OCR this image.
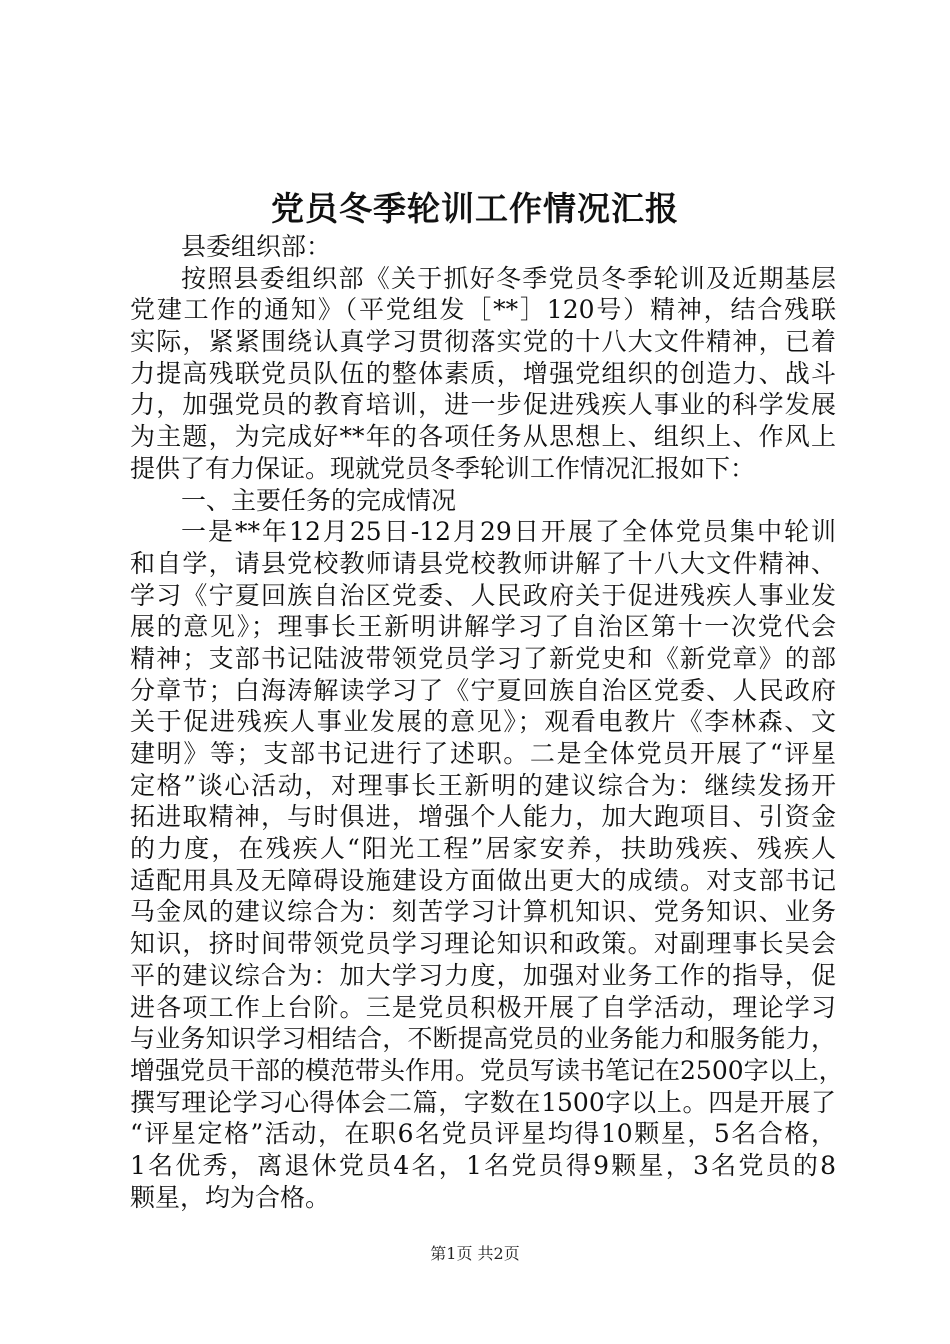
党员冬季轮训工作情况汇报

县委组织部：

按照县委组织部《关于抓好冬季党员冬季轮训及近期基层

党建工作的通知》（平党组发［**］120号）精神，结合残联

实际，紧紧围绕认真学习贯彻落实党的十八大文件精神，已着

力提高残联党员队伍的整体素质，增强党组织的创造力、战斗

力，加强党员的教育培训，进一步促进残疾人事业的科学发展

为主题，为完成好**年的各项任务从思想上、组织上、作风上

提供了有力保证。现就党员冬季轮训工作情况汇报如下：

一、主要任务的完成情况

一是**年12月25日-12月29日开展了全体党员集中轮训

和自学，请县党校教师请县党校教师讲解了十八大文件精神、

学习《宁夏回族自治区党委、人民政府关于促进残疾人事业发

展的意见》；理事长王新明讲解学习了自治区第十一次党代会

精神；支部书记陆波带领党员学习了新党史和《新党章》的部

分章节；白海涛解读学习了《宁夏回族自治区党委、人民政府

关于促进残疾人事业发展的意见》；观看电教片《李林森、文

建明》等；支部书记进行了述职。二是全体党员开展了“评星

定格”谈心活动，对理事长王新明的建议综合为：继续发扬开

拓进取精神，与时俱进，增强个人能力，加大跑项目、引资金

的力度，在残疾人“阳光工程”居家安养，扶助残疾、残疾人

适配用具及无障碍设施建设方面做出更大的成绩。对支部书记

马金凤的建议综合为：刻苦学习计算机知识、党务知识、业务

知识，挤时间带领党员学习理论知识和政策。对副理事长吴会

平的建议综合为：加大学习力度，加强对业务工作的指导，促

进各项工作上台阶。三是党员积极开展了自学活动，理论学习

与业务知识学习相结合，不断提高党员的业务能力和服务能力，

增强党员干部的模范带头作用。党员写读书笔记在2500字以上，

撰写理论学习心得体会二篇，字数在1500字以上。四是开展了

“评星定格”活动，在职6名党员评星均得10颗星，5名合格，

1名优秀，离退休党员4名，1名党员得9颗星，3名党员的8

颗星，均为合格。

第1页 共2页
